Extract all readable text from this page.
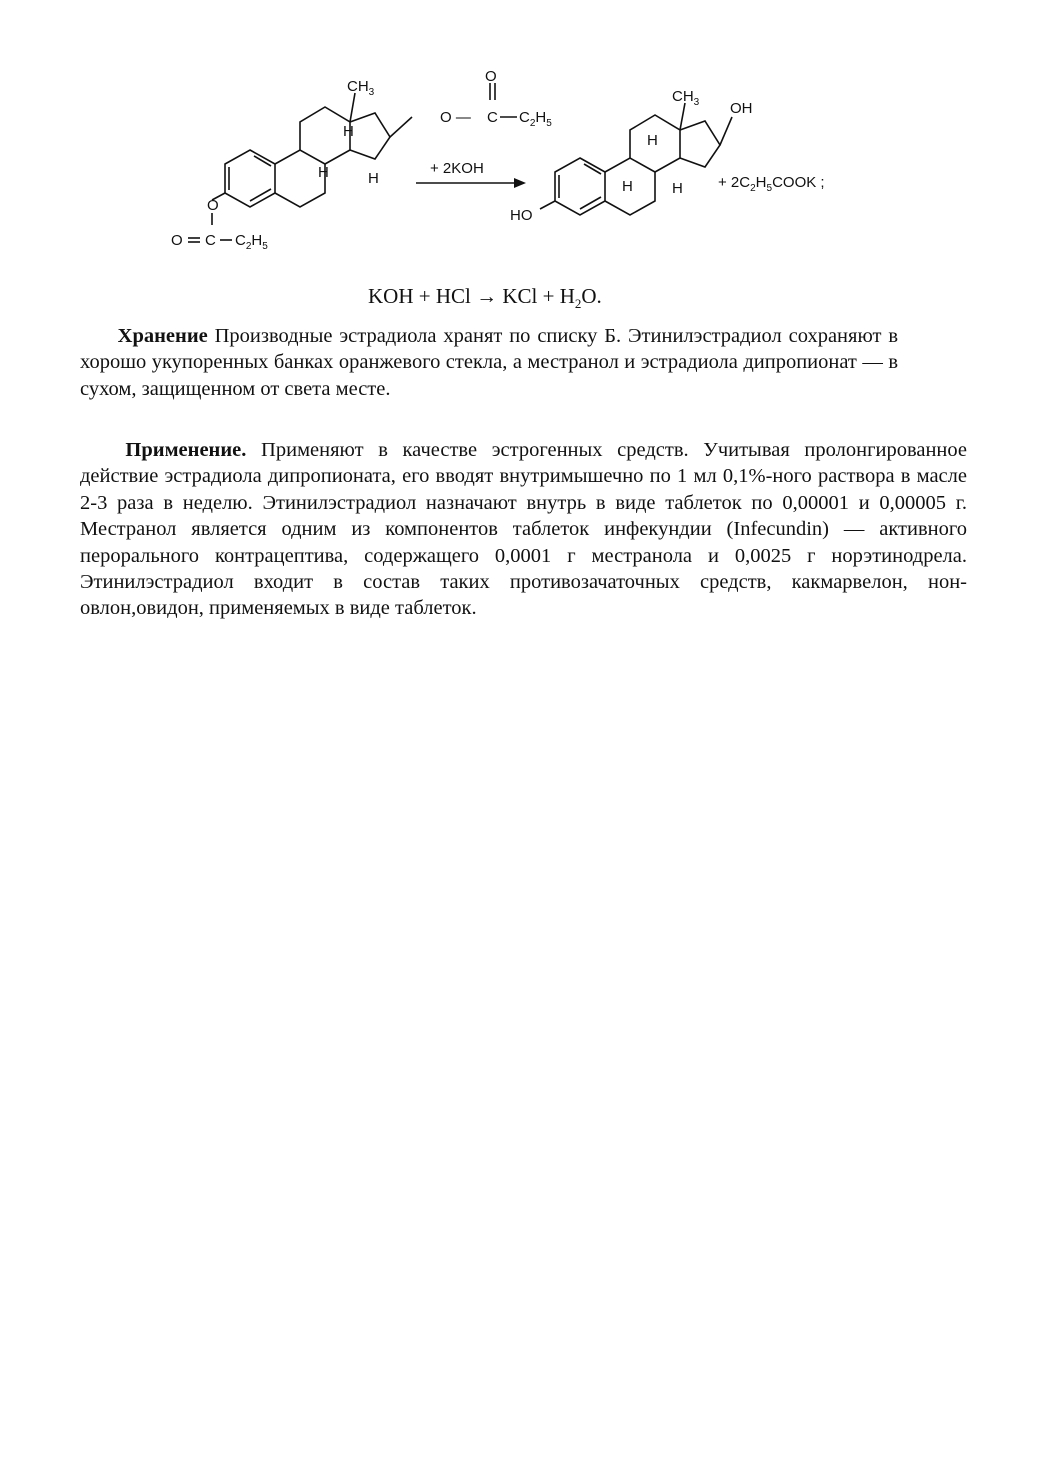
$CH_3$
O
O — C $C_2H_5$
H
H	H
O
O C $C_2H_5$
+ 2KOH
$CH_3$ OH
HO
H
H	$H + 2C_2H_5COOK$ ;
KOH + HCl → KCl + $H_2O$.

   Хранение Производные эстрадиола хранят по списку Б. Этинилэстрадиол сохраняют в хорошо укупоренных банках оранжевого стекла, а местранол и эстрадиола дипропионат — в сухом, защищенном от света месте.

   Применение. Применяют в качестве эстрогенных средств. Учитывая пролонгированное действие эстрадиола дипропионата, его вводят внутримышечно по 1 мл 0,1%-ного раствора в масле 2-3 раза в неделю. Этинилэстрадиол назначают внутрь в виде таблеток по 0,00001 и 0,00005 г. Местранол является одним из компонентов таблеток инфекундии (Infecundin) — активного перорального контрацептива, содержащего 0,0001 г местранола и 0,0025 г норэтинодрела. Этинилэстрадиол входит в состав таких противозачаточных средств, какмарвелон, нон-овлон,овидон, применяемых в виде таблеток.
